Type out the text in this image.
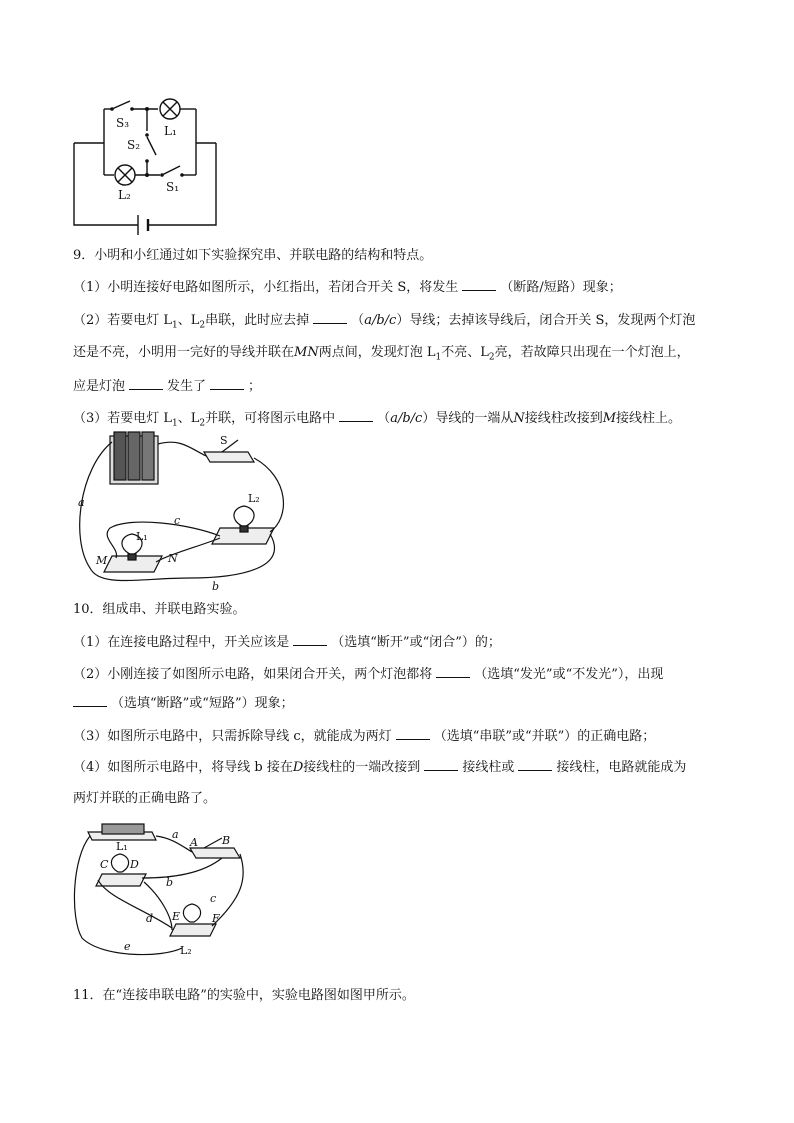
S₃
L₁
S₂
L₂
S₁
9．小明和小红通过如下实验探究串、并联电路的结构和特点。
（1）小明连接好电路如图所示，小红指出，若闭合开关 S，将发生	（断路/短路）现象；
（2）若要电灯 $L_1$、$L_2$串联，此时应去掉	（a/b/c）导线；去掉该导线后，闭合开关 S，发现两个灯泡
还是不亮，小明用一完好的导线并联在MN两点间，发现灯泡 $L_1$不亮、$L_2$亮，若故障只出现在一个灯泡上，
应是灯泡	发生了	；
（3）若要电灯 $L_1$、$L_2$并联，可将图示电路中	（a/b/c）导线的一端从N接线柱改接到M接线柱上。
S
L₂
a
c
L₁
M	N
b
10．组成串、并联电路实验。
（1）在连接电路过程中，开关应该是	（选填“断开”或“闭合”）的；
（2）小刚连接了如图所示电路，如果闭合开关，两个灯泡都将	（选填“发光”或“不发光”），出现
（选填“断路”或“短路”）现象；
（3）如图所示电路中，只需拆除导线 c，就能成为两灯	（选填“串联”或“并联”）的正确电路；
（4）如图所示电路中，将导线 b 接在D接线柱的一端改接到	接线柱或	接线柱，电路就能成为
两灯并联的正确电路了。
a
A B
L₁
C D
b
c
d E	F
e	L₂
11．在“连接串联电路”的实验中，实验电路图如图甲所示。
